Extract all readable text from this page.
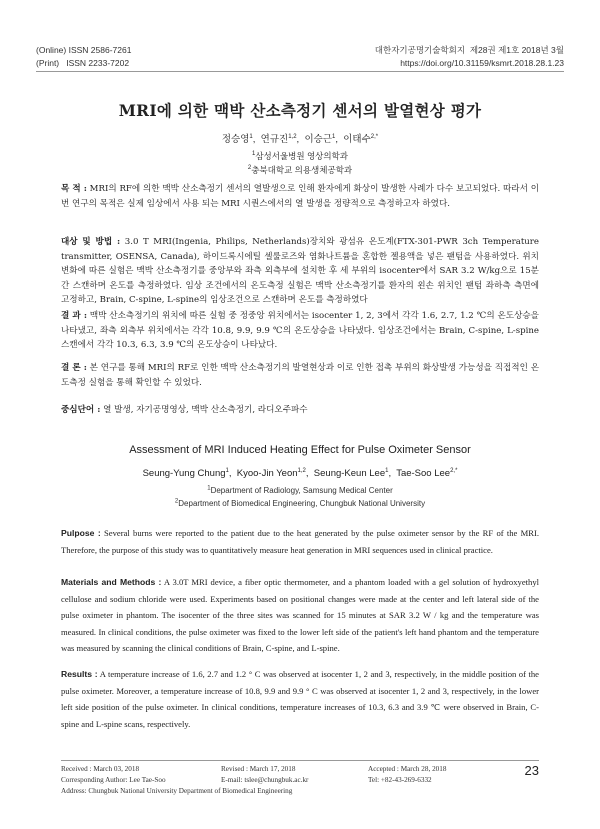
(Online) ISSN 2586-7261
(Print)   ISSN 2233-7202
대한자기공명기술학회지  제28권 제1호 2018년 3월
https://doi.org/10.31159/ksmrt.2018.28.1.23
MRI에 의한 맥박 산소측정기 센서의 발열현상 평가
정승영$^1$,  연규진$^{1,2}$,  이승근$^1$,  이태수$^{2,*}$
$^1$삼성서울병원 영상의학과
$^2$충북대학교 의용생체공학과
목 적 : MRI의 RF에 의한 맥박 산소측정기 센서의 열발생으로 인해 환자에게 화상이 발생한 사례가 다수 보고되었다. 따라서 이번 연구의 목적은 실제 임상에서 사용 되는 MRI 시퀀스에서의 열 발생을 정량적으로 측정하고자 하였다.
대상 및 방법 : 3.0 T MRI(Ingenia, Philips, Netherlands)장치와 광섬유 온도계(FTX-301-PWR 3ch Temperature transmitter, OSENSA, Canada), 하이드록시에틸 셀룰로즈와 염화나트륨을 혼합한 젤용액을 넣은 팬텀을 사용하였다. 위치 변화에 따른 실험은 맥박 산소측정기를 중앙부와 좌측 외측부에 설치한 후 세 부위의 isocenter에서 SAR 3.2 W/kg으로 15분간 스캔하며 온도를 측정하였다. 임상 조건에서의 온도측정 실험은 맥박 산소측정기를 환자의 왼손 위치인 팬텀 좌하측 측면에 고정하고, Brain, C-spine, L-spine의 임상조건으로 스캔하며 온도를 측정하였다
결 과 : 맥박 산소측정기의 위치에 따른 실험 중 정중앙 위치에서는 isocenter 1, 2, 3에서 각각 1.6, 2.7, 1.2 ℃의 온도상승을 나타냈고, 좌측 외측부 위치에서는 각각 10.8, 9.9, 9.9 ℃의 온도상승을 나타냈다. 임상조건에서는 Brain, C-spine, L-spine 스캔에서 각각 10.3, 6.3, 3.9 ℃의 온도상승이 나타났다.
결 론 : 본 연구를 통해 MRI의 RF로 인한 맥박 산소측정기의 발열현상과 이로 인한 접촉 부위의 화상발생 가능성을 직접적인 온도측정 실험을 통해 확인할 수 있었다.
중심단어 : 열 발생, 자기공명영상, 맥박 산소측정기, 라디오주파수
Assessment of MRI Induced Heating Effect for Pulse Oximeter Sensor
Seung-Yung Chung$^1$,  Kyoo-Jin Yeon$^{1,2}$,  Seung-Keun Lee$^1$,  Tae-Soo Lee$^{2,*}$
$^1$Department of Radiology, Samsung Medical Center
$^2$Department of Biomedical Engineering, Chungbuk National University
Pulpose : Several burns were reported to the patient due to the heat generated by the pulse oximeter sensor by the RF of the MRI. Therefore, the purpose of this study was to quantitatively measure heat generation in MRI sequences used in clinical practice.
Materials and Methods : A 3.0T MRI device, a fiber optic thermometer, and a phantom loaded with a gel solution of hydroxyethyl cellulose and sodium chloride were used. Experiments based on positional changes were made at the center and left lateral side of the pulse oximeter in phantom. The isocenter of the three sites was scanned for 15 minutes at SAR 3.2 W / kg and the temperature was measured. In clinical conditions, the pulse oximeter was fixed to the lower left side of the patient's left hand phantom and the temperature was measured by scanning the clinical conditions of Brain, C-spine, and L-spine.
Results : A temperature increase of 1.6, 2.7 and 1.2 ° C was observed at isocenter 1, 2 and 3, respectively, in the middle position of the pulse oximeter. Moreover, a temperature increase of 10.8, 9.9 and 9.9 ° C was observed at isocenter 1, 2 and 3, respectively, in the lower left side position of the pulse oximeter. In clinical conditions, temperature increases of 10.3, 6.3 and 3.9 ℃ were observed in Brain, C-spine and L-spine scans, respectively.
Received : March 03, 2018	Revised : March 17, 2018	Accepted : March 28, 2018
Corresponding Author: Lee Tae-Soo	E-mail: tslee@chungbuk.ac.kr	Tel: +82-43-269-6332
Address: Chungbuk National University Department of Biomedical Engineering
23
